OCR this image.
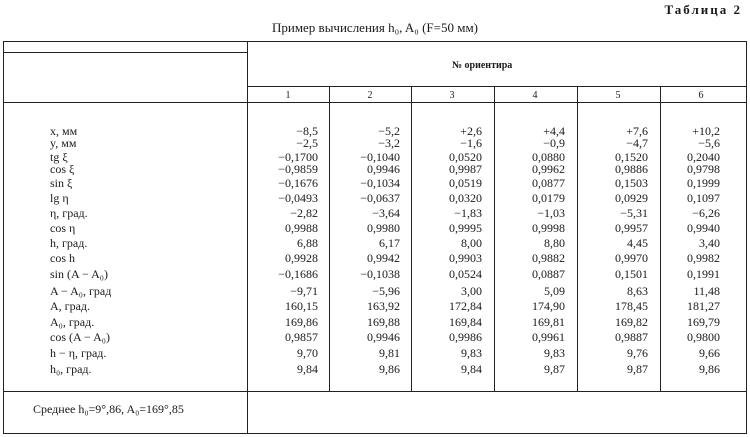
Таблица 2
Пример вычисления h₀, A₀ (F=50 мм)
№ ориентира
1	2	3	4	5	6
Среднее h₀=9°,86, A₀=169°,85
x, мм	−8,5	−5,2	+2,6	+4,4	+7,6	+10,2
y, мм	−2,5	−3,2	−1,6	−0,9	−4,7	−5,6
tg ξ	−0,1700	−0,1040	0,0520	0,0880	0,1520	0,2040
cos ξ	−0,9859	0,9946	0,9987	0,9962	0,9886	0,9798
sin ξ	−0,1676	−0,1034	0,0519	0,0877	0,1503	0,1999
lg η	−0,0493	−0,0637	0,0320	0,0179	0,0929	0,1097
η, град.	−2,82	−3,64	−1,83	−1,03	−5,31	−6,26
cos η	0,9988	0,9980	0,9995	0,9998	0,9957	0,9940
h, град.	6,88	6,17	8,00	8,80	4,45	3,40
cos h	0,9928	0,9942	0,9903	0,9882	0,9970	0,9982
sin (A − A₀)	−0,1686	−0,1038	0,0524	0,0887	0,1501	0,1991
A − A₀, град	−9,71	−5,96	3,00	5,09	8,63	11,48
A, град.	160,15	163,92	172,84	174,90	178,45	181,27
A₀, град.	169,86	169,88	169,84	169,81	169,82	169,79
cos (A − A₀)	0,9857	0,9946	0,9986	0,9961	0,9887	0,9800
h − η, град.	9,70	9,81	9,83	9,83	9,76	9,66
h₀, град.	9,84	9,86	9,84	9,87	9,87	9,86
